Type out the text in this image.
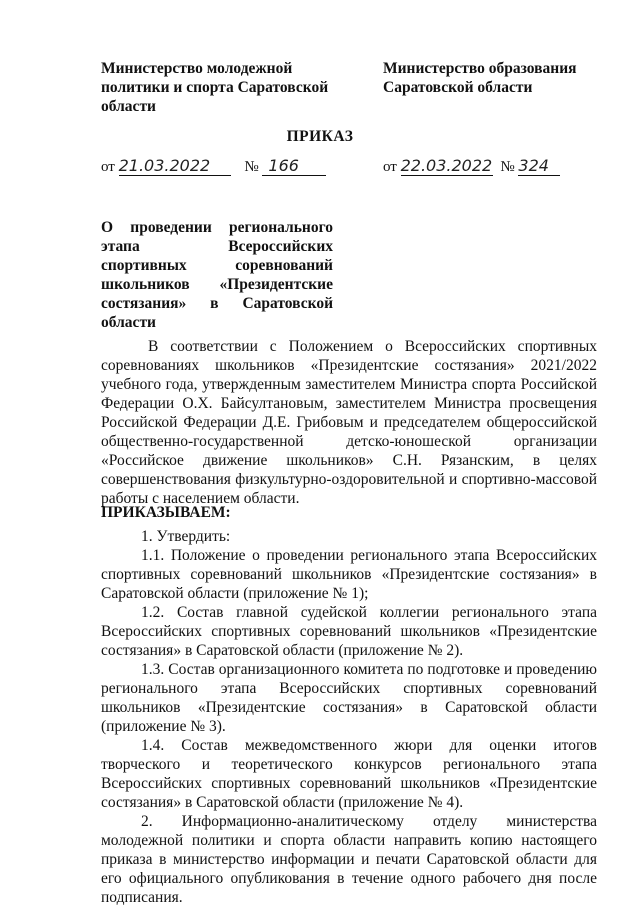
Министерство молодежной политики и спорта Саратовской области
Министерство образования Саратовской области
ПРИКАЗ
от 21.03.2022 № 166	от 22.03.2022 № 324
О проведении регионального этапа Всероссийских спортивных соревнований школьников «Президентские состязания» в Саратовской области
В соответствии с Положением о Всероссийских спортивных соревнованиях школьников «Президентские состязания» 2021/2022 учебного года, утвержденным заместителем Министра спорта Российской Федерации О.Х. Байсултановым, заместителем Министра просвещения Российской Федерации Д.Е. Грибовым и председателем общероссийской общественно-государственной детско-юношеской организации «Российское движение школьников» С.Н. Рязанским, в целях совершенствования физкультурно-оздоровительной и спортивно-массовой работы с населением области.
ПРИКАЗЫВАЕМ:

1. Утвердить:

1.1. Положение о проведении регионального этапа Всероссийских спортивных соревнований школьников «Президентские состязания» в Саратовской области (приложение № 1);

1.2. Состав главной судейской коллегии регионального этапа Всероссийских спортивных соревнований школьников «Президентские состязания» в Саратовской области (приложение № 2).

1.3. Состав организационного комитета по подготовке и проведению регионального этапа Всероссийских спортивных соревнований школьников «Президентские состязания» в Саратовской области (приложение № 3).

1.4. Состав межведомственного жюри для оценки итогов творческого и теоретического конкурсов регионального этапа Всероссийских спортивных соревнований школьников «Президентские состязания» в Саратовской области (приложение № 4).

2. Информационно-аналитическому отделу министерства молодежной политики и спорта области направить копию настоящего приказа в министерство информации и печати Саратовской области для его официального опубликования в течение одного рабочего дня после подписания.
